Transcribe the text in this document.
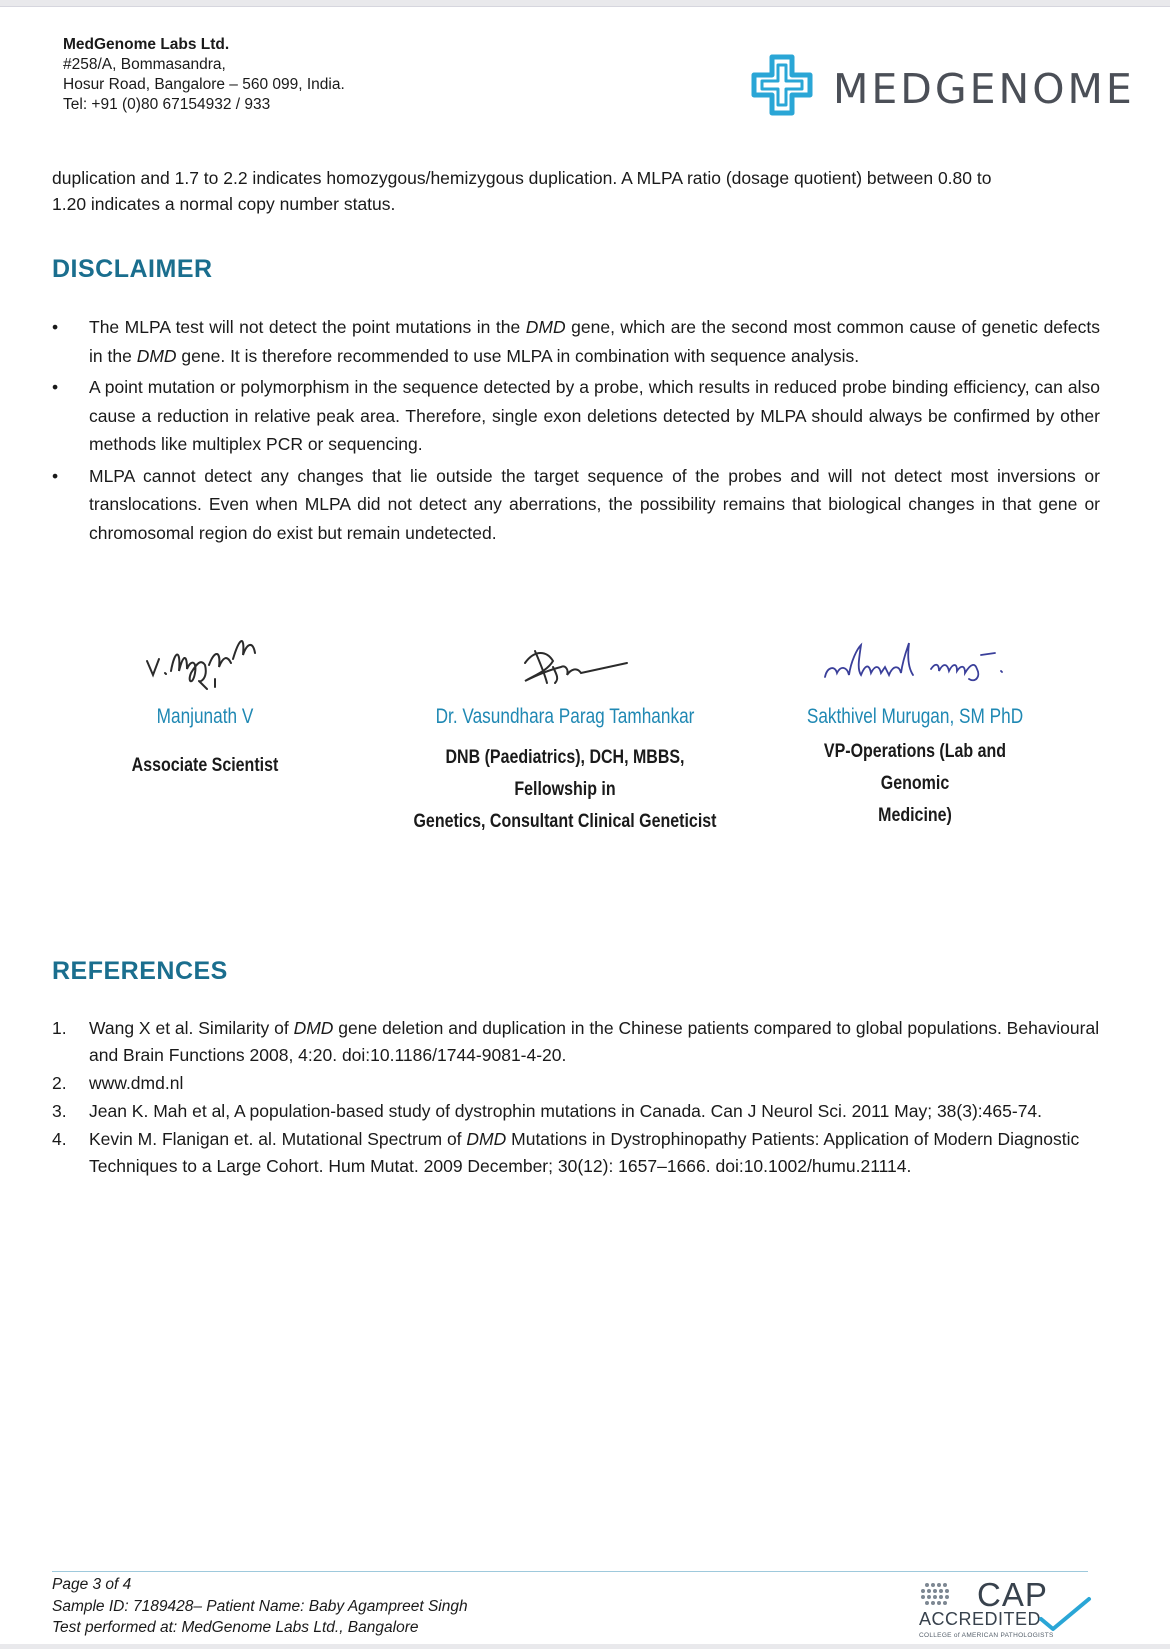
MedGenome Labs Ltd.
#258/A, Bommasandra,
Hosur Road, Bangalore – 560 099, India.
Tel: +91 (0)80 67154932 / 933	MEDGENOME
duplication and 1.7 to 2.2 indicates homozygous/hemizygous duplication. A MLPA ratio (dosage quotient) between 0.80 to
1.20 indicates a normal copy number status.
DISCLAIMER
• The MLPA test will not detect the point mutations in the DMD gene, which are the second most common cause of genetic defects in the DMD gene. It is therefore recommended to use MLPA in combination with sequence analysis.
• A point mutation or polymorphism in the sequence detected by a probe, which results in reduced probe binding efficiency, can also cause a reduction in relative peak area. Therefore, single exon deletions detected by MLPA should always be confirmed by other methods like multiplex PCR or sequencing.
• MLPA cannot detect any changes that lie outside the target sequence of the probes and will not detect most inversions or translocations. Even when MLPA did not detect any aberrations, the possibility remains that biological changes in that gene or chromosomal region do exist but remain undetected.
Manjunath V
Associate Scientist
Dr. Vasundhara Parag Tamhankar
DNB (Paediatrics), DCH, MBBS, Fellowship in
Genetics, Consultant Clinical Geneticist
Sakthivel Murugan, SM PhD
VP-Operations (Lab and Genomic
Medicine)
REFERENCES
1. Wang X et al. Similarity of DMD gene deletion and duplication in the Chinese patients compared to global populations. Behavioural and Brain Functions 2008, 4:20. doi:10.1186/1744-9081-4-20.
2. www.dmd.nl
3. Jean K. Mah et al, A population-based study of dystrophin mutations in Canada. Can J Neurol Sci. 2011 May; 38(3):465-74.
4. Kevin M. Flanigan et. al. Mutational Spectrum of DMD Mutations in Dystrophinopathy Patients: Application of Modern Diagnostic Techniques to a Large Cohort. Hum Mutat. 2009 December; 30(12): 1657–1666. doi:10.1002/humu.21114.
Page 3 of 4
Sample ID: 7189428– Patient Name: Baby Agampreet Singh
Test performed at: MedGenome Labs Ltd., Bangalore
CAP
ACCREDITED
COLLEGE of AMERICAN PATHOLOGISTS
